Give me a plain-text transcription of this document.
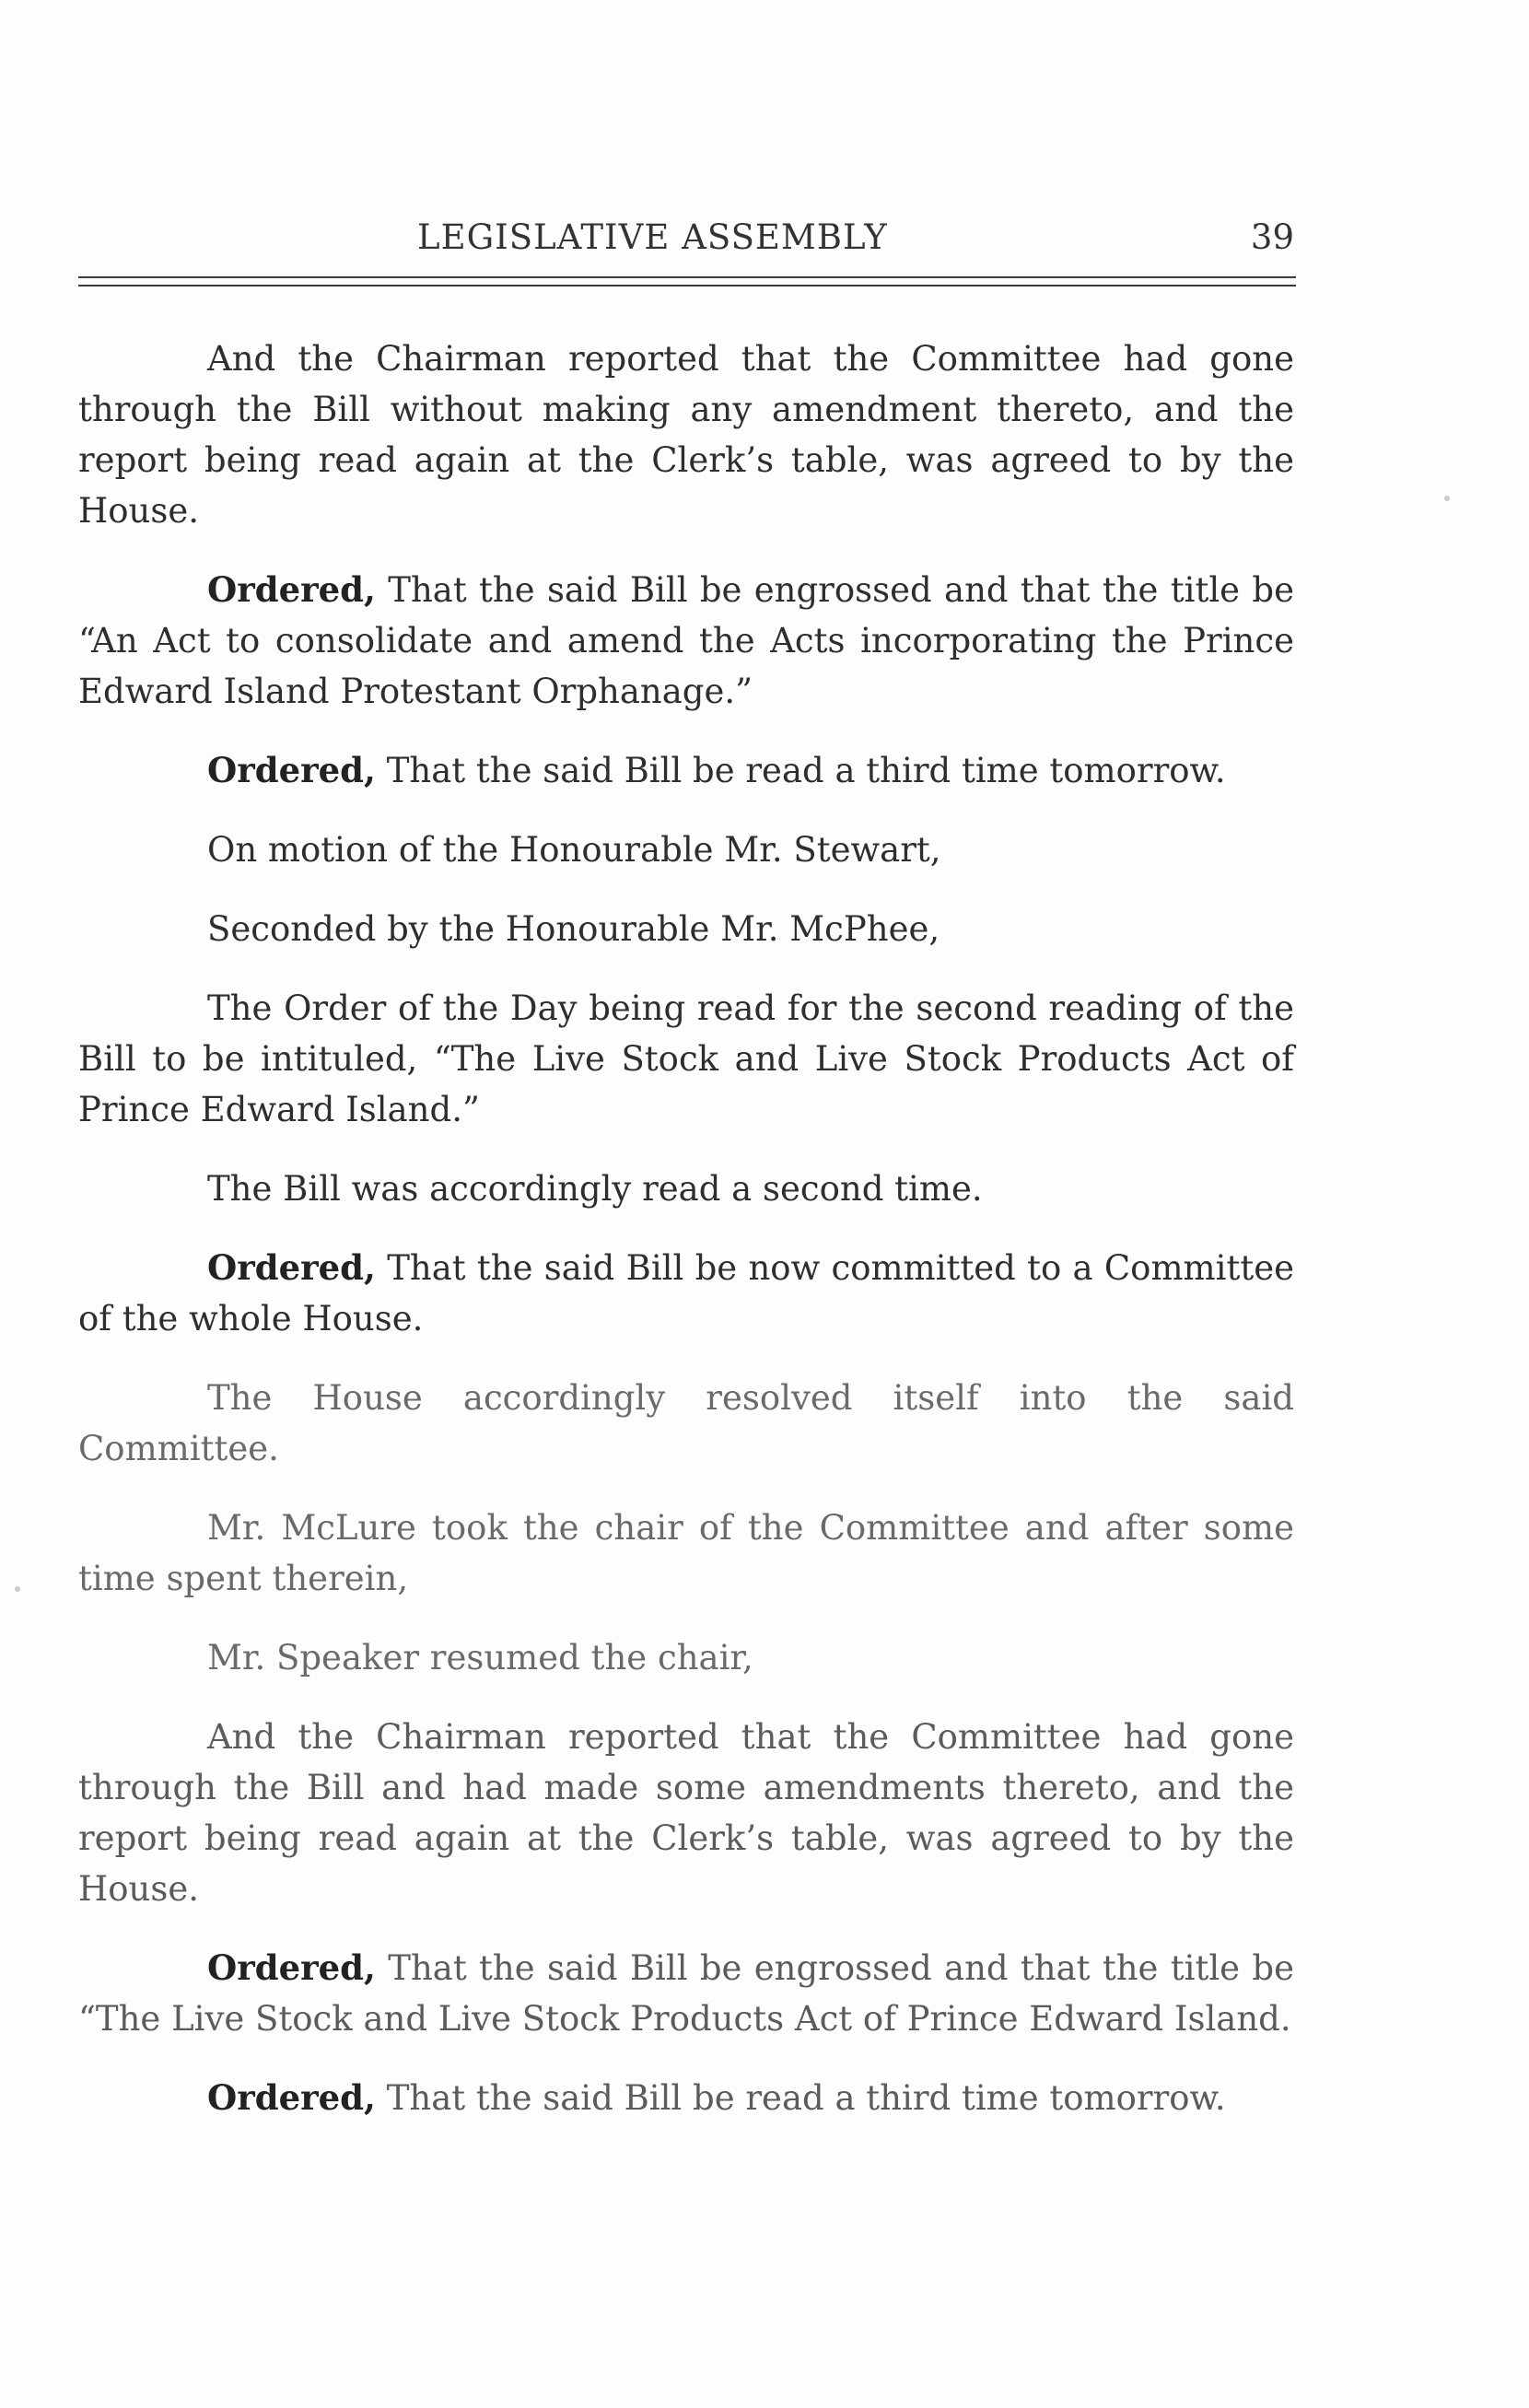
LEGISLATIVE ASSEMBLY	39

And the Chairman reported that the Committee had gone through the Bill without making any amendment thereto, and the report being read again at the Clerk’s table, was agreed to by the House.

Ordered, That the said Bill be engrossed and that the title be “An Act to consolidate and amend the Acts incorporating the Prince Edward Island Protestant Orphanage.”

Ordered, That the said Bill be read a third time tomorrow.

On motion of the Honourable Mr. Stewart,

Seconded by the Honourable Mr. McPhee,

The Order of the Day being read for the second reading of the Bill to be intituled, “The Live Stock and Live Stock Products Act of Prince Edward Island.”

The Bill was accordingly read a second time.

Ordered, That the said Bill be now committed to a Committee of the whole House.

The House accordingly resolved itself into the said Committee.

Mr. McLure took the chair of the Committee and after some time spent therein,

Mr. Speaker resumed the chair,

And the Chairman reported that the Committee had gone through the Bill and had made some amendments thereto, and the report being read again at the Clerk’s table, was agreed to by the House.

Ordered, That the said Bill be engrossed and that the title be “The Live Stock and Live Stock Products Act of Prince Edward Island.

Ordered, That the said Bill be read a third time tomorrow.
